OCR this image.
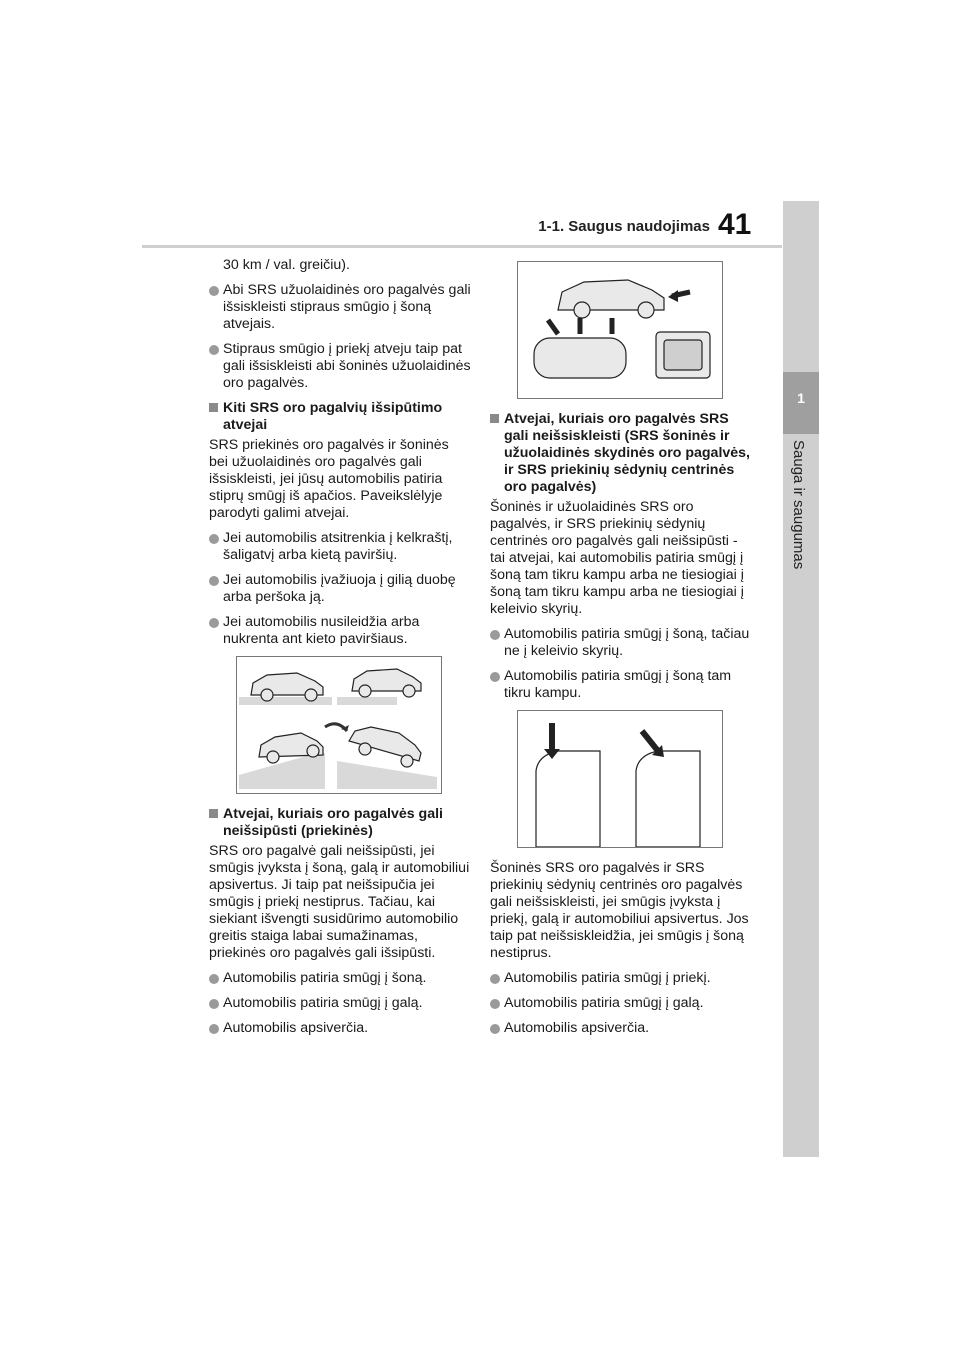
1-1. Saugus naudojimas 41
1
Sauga ir saugumas

30 km / val. greičiu).

Abi SRS užuolaidinės oro pagalvės gali išsiskleisti stipraus smūgio į šoną atvejais.
Stipraus smūgio į priekį atveju taip pat gali išsiskleisti abi šoninės užuolaidinės oro pagalvės.
Kiti SRS oro pagalvių išsipūtimo atvejai

SRS priekinės oro pagalvės ir šoninės bei užuolaidinės oro pagalvės gali išsiskleisti, jei jūsų automobilis patiria stiprų smūgį iš apačios. Paveikslėlyje parodyti galimi atvejai.

Jei automobilis atsitrenkia į kelkraštį, šaligatvį arba kietą paviršių.
Jei automobilis įvažiuoja į gilią duobę arba peršoka ją.
Jei automobilis nusileidžia arba nukrenta ant kieto paviršiaus.
Atvejai, kuriais oro pagalvės gali neišsipūsti (priekinės)

SRS oro pagalvė gali neišsipūsti, jei smūgis įvyksta į šoną, galą ir automobiliui apsivertus. Ji taip pat neišsipučia jei smūgis į priekį nestiprus. Tačiau, kai siekiant išvengti susidūrimo automobilio greitis staiga labai sumažinamas, priekinės oro pagalvės gali išsipūsti.

Automobilis patiria smūgį į šoną.
Automobilis patiria smūgį į galą.
Automobilis apsiverčia.
Atvejai, kuriais oro pagalvės SRS gali neišsiskleisti (SRS šoninės ir užuolaidinės skydinės oro pagalvės, ir SRS priekinių sėdynių centrinės oro pagalvės)

Šoninės ir užuolaidinės SRS oro pagalvės, ir SRS priekinių sėdynių centrinės oro pagalvės gali neišsipūsti - tai atvejai, kai automobilis patiria smūgį į šoną tam tikru kampu arba ne tiesiogiai į šoną tam tikru kampu arba ne tiesiogiai į keleivio skyrių.

Automobilis patiria smūgį į šoną, tačiau ne į keleivio skyrių.
Automobilis patiria smūgį į šoną tam tikru kampu.

Šoninės SRS oro pagalvės ir SRS priekinių sėdynių centrinės oro pagalvės gali neišsiskleisti, jei smūgis įvyksta į priekį, galą ir automobiliui apsivertus. Jos taip pat neišsiskleidžia, jei smūgis į šoną nestiprus.

Automobilis patiria smūgį į priekį.
Automobilis patiria smūgį į galą.
Automobilis apsiverčia.
